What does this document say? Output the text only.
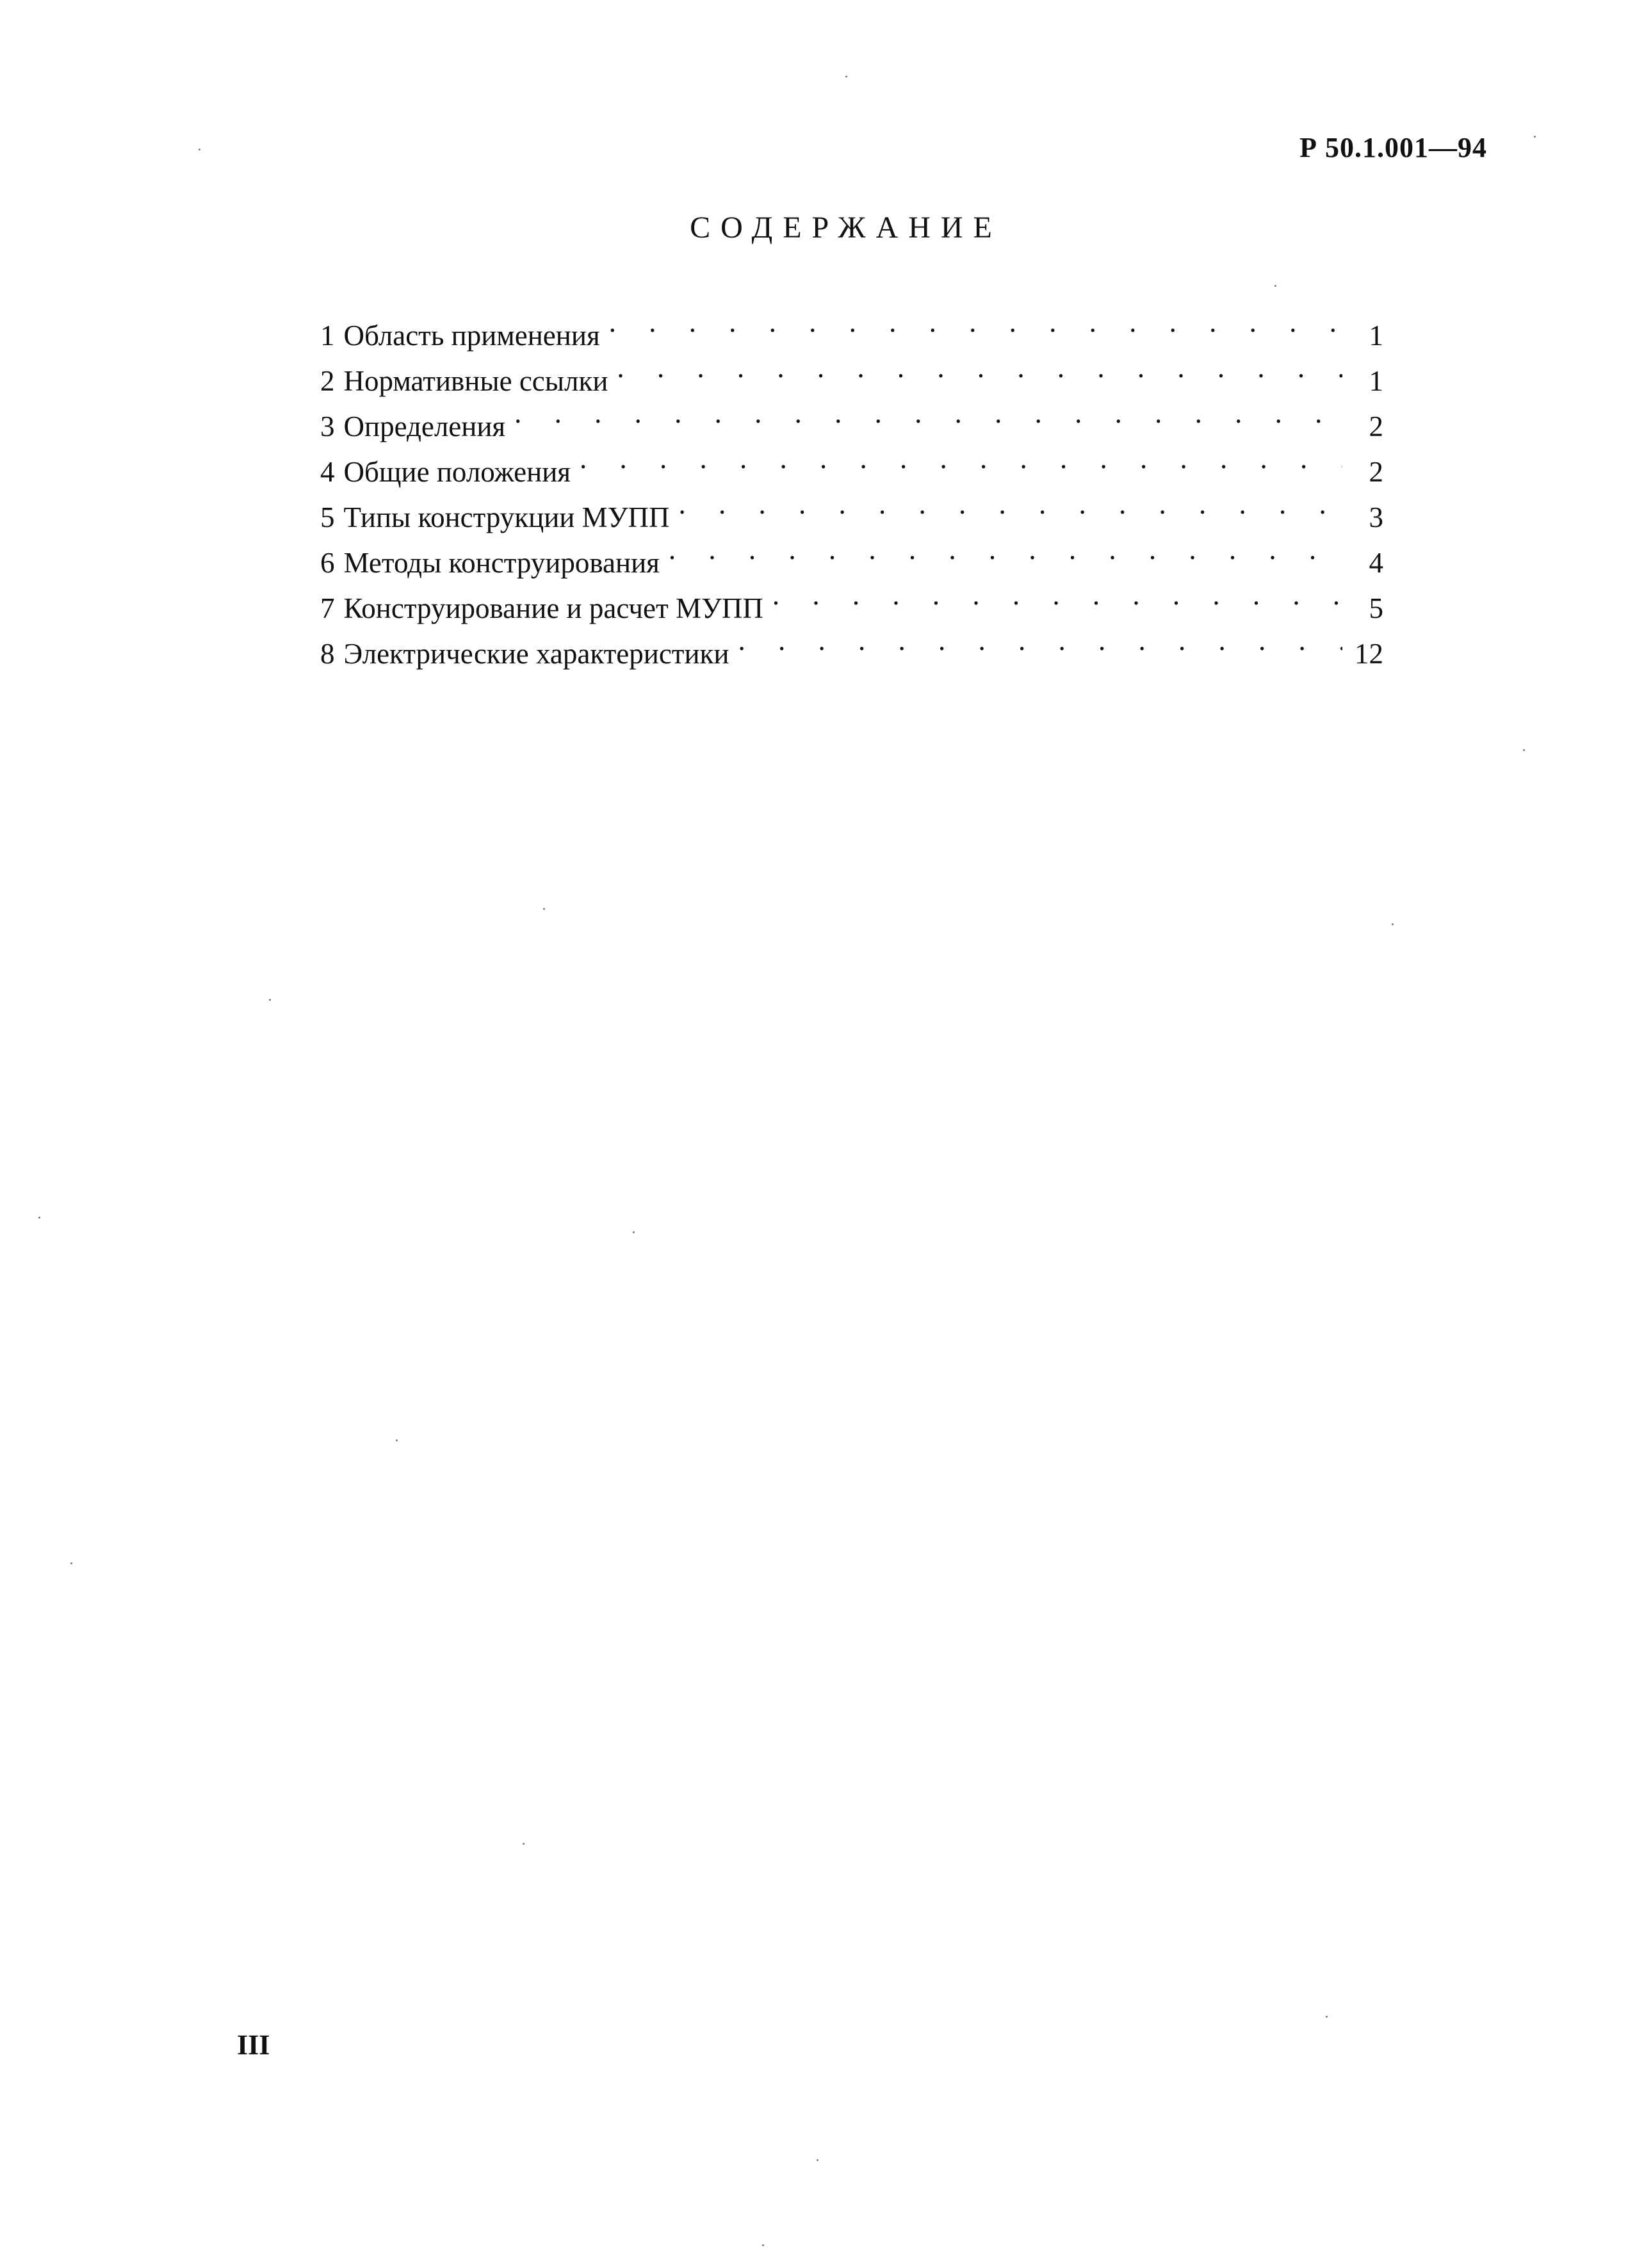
Р 50.1.001—94
СОДЕРЖАНИЕ
1 Область применения . . .	1
2 Нормативные ссылки . . .	1
3 Определения . . .	2
4 Общие положения . . .	2
5 Типы конструкции МУПП . . .	3
6 Методы конструирования . . .	4
7 Конструирование и расчет МУПП . . .	5
8 Электрические характеристики . . .	12
III
